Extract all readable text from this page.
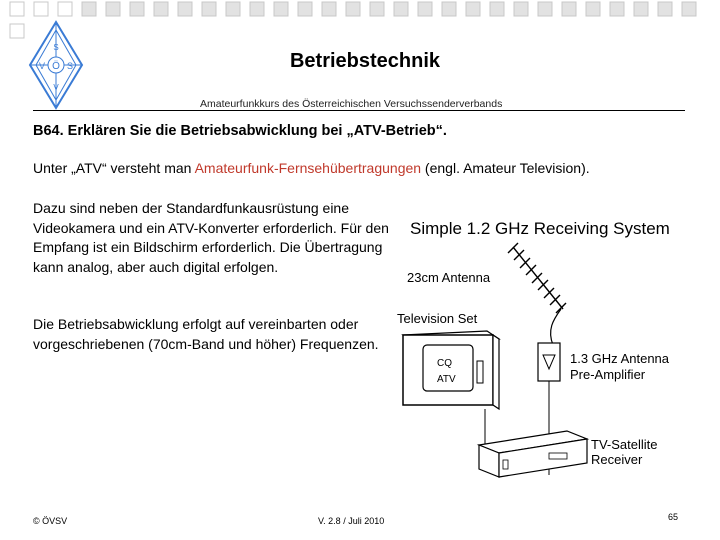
Ö
V S
S
V
Betriebstechnik
Amateurfunkkurs des Österreichischen Versuchssenderverbands
B64. Erklären Sie die Betriebsabwicklung bei „ATV-Betrieb“.
Unter „ATV“ versteht man Amateurfunk-Fernsehübertragungen (engl. Amateur Television).
Dazu sind neben der Standardfunkausrüstung eine Videokamera und ein ATV-Konverter erforderlich. Für den Empfang ist ein Bildschirm erforderlich. Die Übertragung kann analog, aber auch digital erfolgen.
Die Betriebsabwicklung erfolgt auf vereinbarten oder vorgeschriebenen (70cm-Band und höher) Frequenzen.
Simple 1.2 GHz Receiving System
23cm Antenna
1.3 GHz Antenna
Pre-Amplifier
Television Set
CQ
ATV
TV-Satellite
Receiver
© ÖVSV	V. 2.8 / Juli 2010	65
